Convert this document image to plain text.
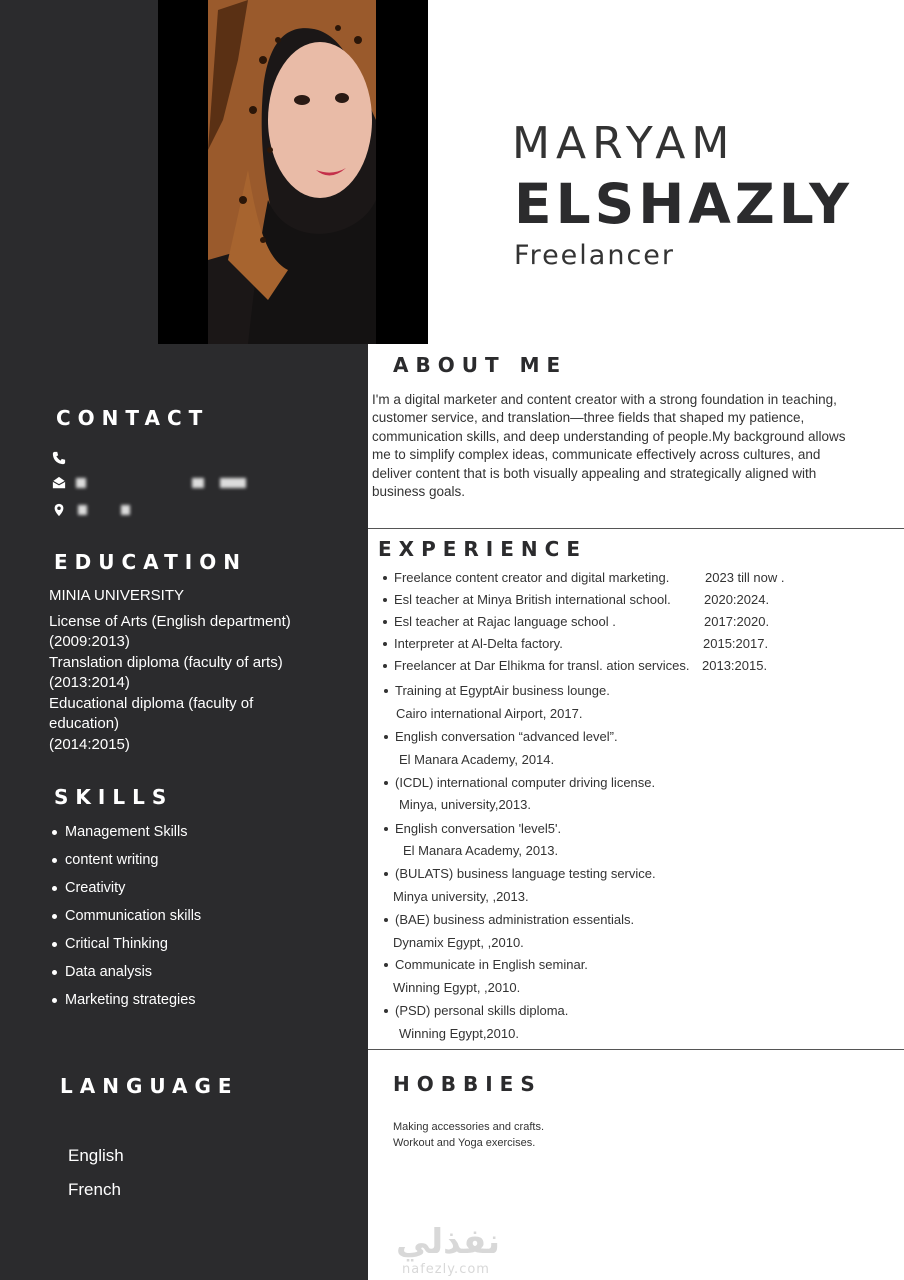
MARYAM
ELSHAZLY
Freelancer
CONTACT
EDUCATION
MINIA UNIVERSITY
License of Arts (English department)
(2009:2013)
Translation diploma (faculty of arts)
(2013:2014)
Educational diploma (faculty of
education)
(2014:2015)
SKILLS
Management Skills
content writing
Creativity
Communication skills
Critical Thinking
Data analysis
Marketing strategies
LANGUAGE
English
French
ABOUT ME
I'm a digital marketer and content creator with a strong foundation in teaching, customer service, and translation—three fields that shaped my patience, communication skills, and deep understanding of people.My background allows me to simplify complex ideas, communicate effectively across cultures, and deliver content that is both visually appealing and strategically aligned with business goals.
EXPERIENCE
Freelance content creator and digital marketing.	2023 till now .
Esl teacher at Minya British international school.	2020:2024.
Esl teacher at Rajac language school .	2017:2020.
Interpreter at Al-Delta factory.	2015:2017.
Freelancer at Dar Elhikma for transl. ation services. 2013:2015.
Training at EgyptAir business lounge.
Cairo international Airport, 2017.
English conversation “advanced level”.
El Manara Academy, 2014.
(ICDL) international computer driving license.
Minya, university,2013.
English conversation 'level5'.
El Manara Academy, 2013.
(BULATS) business language testing service.
Minya university, ,2013.
(BAE) business administration essentials.
Dynamix Egypt, ,2010.
Communicate in English seminar.
Winning Egypt, ,2010.
(PSD) personal skills diploma.
Winning Egypt,2010.
HOBBIES
Making accessories and crafts.
Workout and Yoga exercises.
نفذلي
nafezly.com
